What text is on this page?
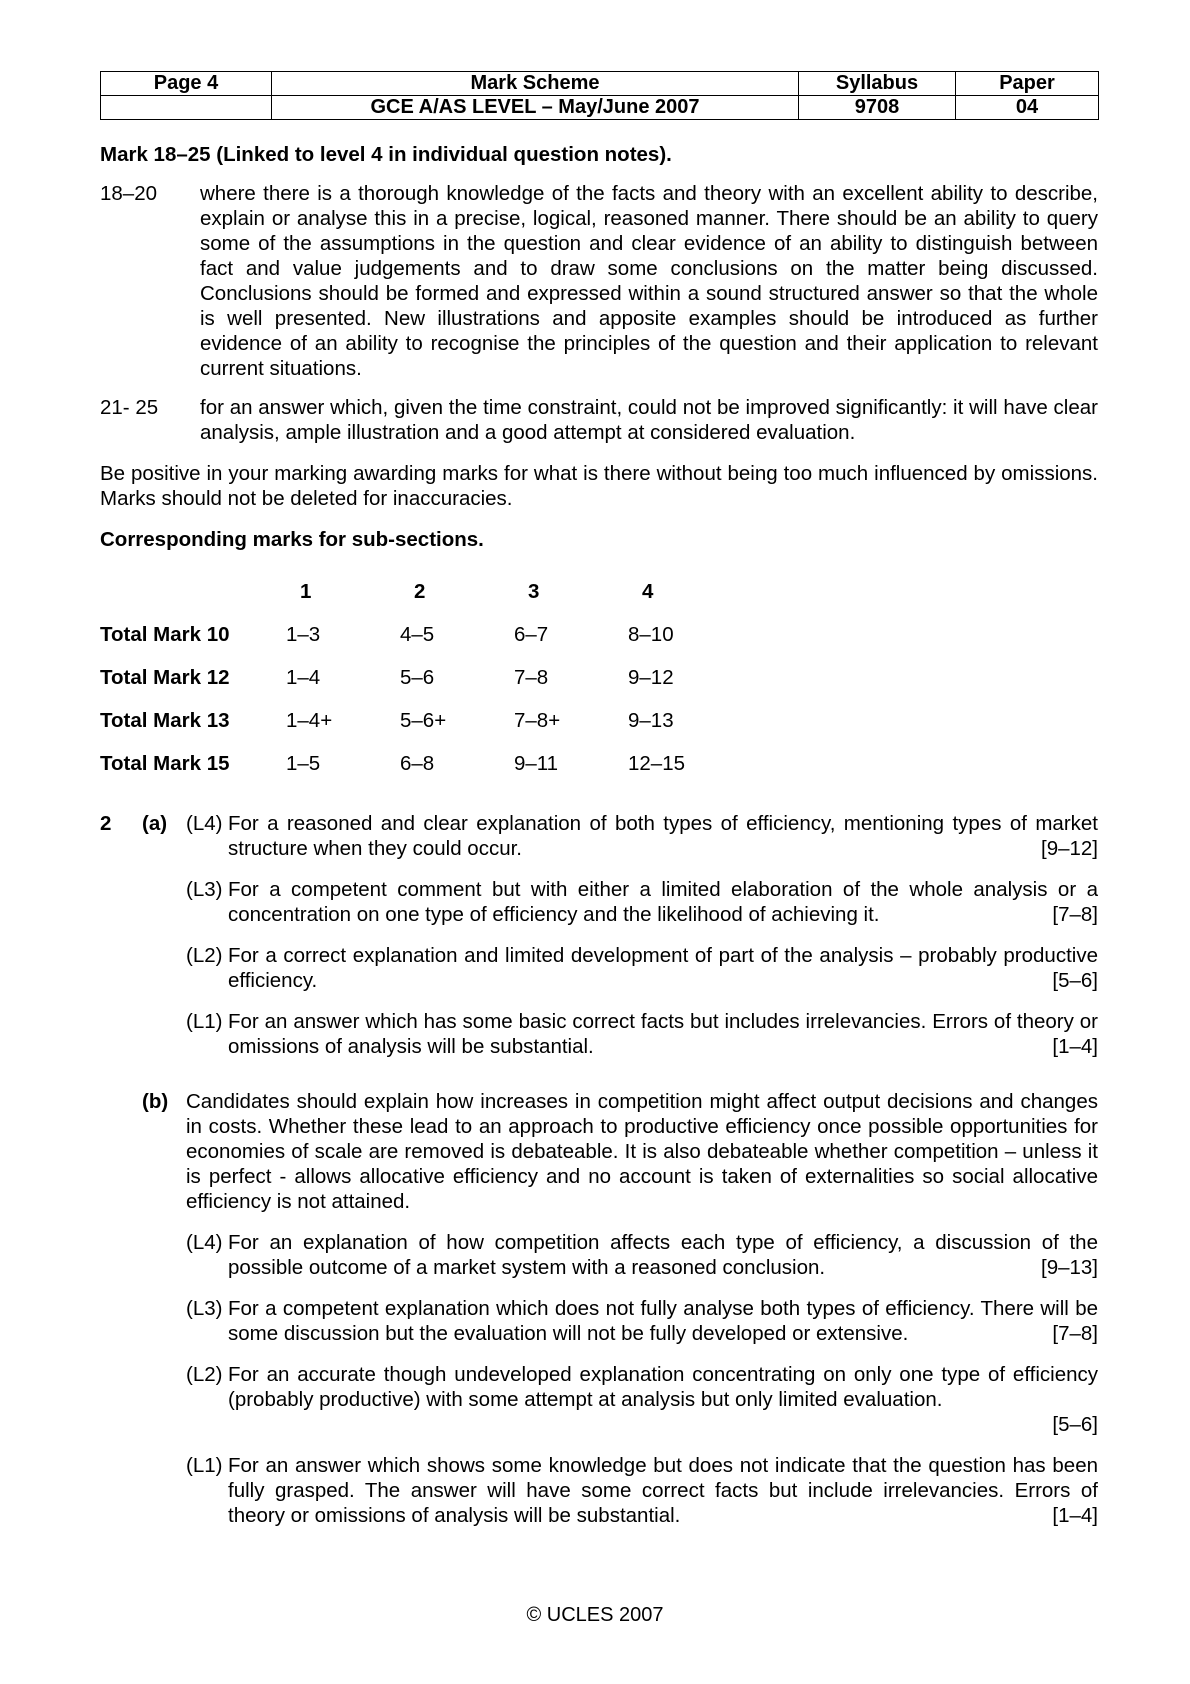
Page 4	Mark Scheme	Syllabus	Paper
	GCE A/AS LEVEL – May/June 2007	9708	04
Mark 18–25 (Linked to level 4 in individual question notes).
18–20	where there is a thorough knowledge of the facts and theory with an excellent ability to describe, explain or analyse this in a precise, logical, reasoned manner. There should be an ability to query some of the assumptions in the question and clear evidence of an ability to distinguish between fact and value judgements and to draw some conclusions on the matter being discussed. Conclusions should be formed and expressed within a sound structured answer so that the whole is well presented. New illustrations and apposite examples should be introduced as further evidence of an ability to recognise the principles of the question and their application to relevant current situations.
21- 25	for an answer which, given the time constraint, could not be improved significantly: it will have clear analysis, ample illustration and a good attempt at considered evaluation.
Be positive in your marking awarding marks for what is there without being too much influenced by omissions. Marks should not be deleted for inaccuracies.
Corresponding marks for sub-sections.
	1	2	3	4
Total Mark 10	1–3	4–5	6–7	8–10
Total Mark 12	1–4	5–6	7–8	9–12
Total Mark 13	1–4+	5–6+	7–8+	9–13
Total Mark 15	1–5	6–8	9–11	12–15
2 (a) (L4) For a reasoned and clear explanation of both types of efficiency, mentioning types of market structure when they could occur.	[9–12]
(L3) For a competent comment but with either a limited elaboration of the whole analysis or a concentration on one type of efficiency and the likelihood of achieving it.	[7–8]
(L2) For a correct explanation and limited development of part of the analysis – probably productive efficiency.	[5–6]
(L1) For an answer which has some basic correct facts but includes irrelevancies. Errors of theory or omissions of analysis will be substantial.	[1–4]
(b) Candidates should explain how increases in competition might affect output decisions and changes in costs. Whether these lead to an approach to productive efficiency once possible opportunities for economies of scale are removed is debateable. It is also debateable whether competition – unless it is perfect - allows allocative efficiency and no account is taken of externalities so social allocative efficiency is not attained.
(L4) For an explanation of how competition affects each type of efficiency, a discussion of the possible outcome of a market system with a reasoned conclusion.	[9–13]
(L3) For a competent explanation which does not fully analyse both types of efficiency. There will be some discussion but the evaluation will not be fully developed or extensive.	[7–8]
(L2) For an accurate though undeveloped explanation concentrating on only one type of efficiency (probably productive) with some attempt at analysis but only limited evaluation.
[5–6]
(L1) For an answer which shows some knowledge but does not indicate that the question has been fully grasped. The answer will have some correct facts but include irrelevancies. Errors of theory or omissions of analysis will be substantial.	[1–4]
© UCLES 2007
